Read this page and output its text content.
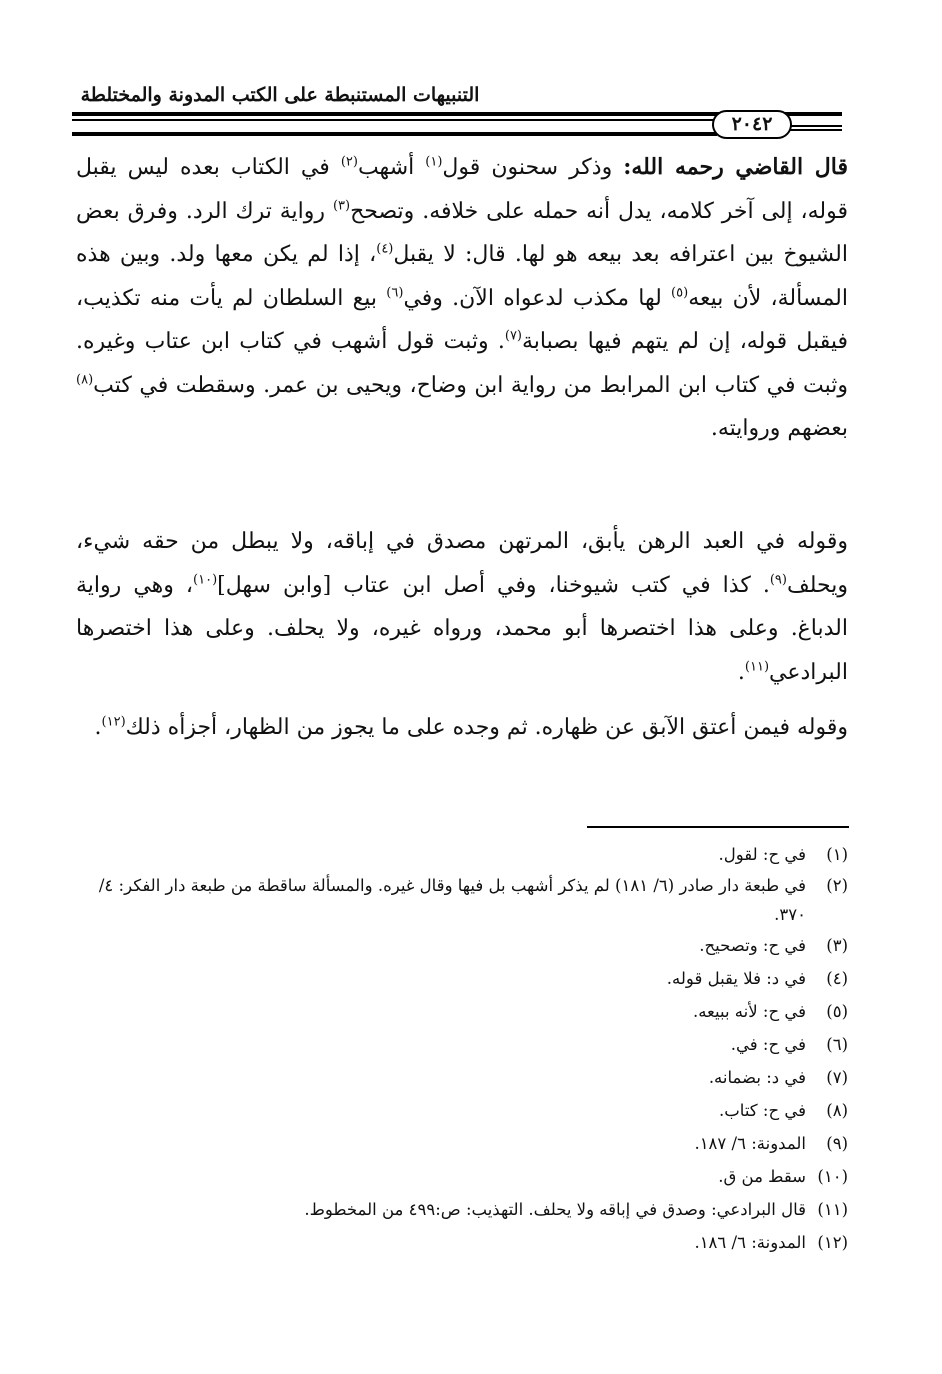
التنبيهات المستنبطة على الكتب المدونة والمختلطة
٢٠٤٢
قال القاضي رحمه الله: وذكر سحنون قول$^{(١)}$ أشهب$^{(٢)}$ في الكتاب بعده ليس يقبل قوله، إلى آخر كلامه، يدل أنه حمله على خلافه. وتصحح$^{(٣)}$ رواية ترك الرد. وفرق بعض الشيوخ بين اعترافه بعد بيعه هو لها. قال: لا يقبل$^{(٤)}$، إذا لم يكن معها ولد. وبين هذه المسألة، لأن بيعه$^{(٥)}$ لها مكذب لدعواه الآن. وفي$^{(٦)}$ بيع السلطان لم يأت منه تكذيب، فيقبل قوله، إن لم يتهم فيها بصبابة$^{(٧)}$. وثبت قول أشهب في كتاب ابن عتاب وغيره. وثبت في كتاب ابن المرابط من رواية ابن وضاح، ويحيى بن عمر. وسقطت في كتب$^{(٨)}$ بعضهم وروايته.
وقوله في العبد الرهن يأبق، المرتهن مصدق في إباقه، ولا يبطل من حقه شيء، ويحلف$^{(٩)}$. كذا في كتب شيوخنا، وفي أصل ابن عتاب [وابن سهل]$^{(١٠)}$، وهي رواية الدباغ. وعلى هذا اختصرها أبو محمد، ورواه غيره، ولا يحلف. وعلى هذا اختصرها البرادعي$^{(١١)}$.
وقوله فيمن أعتق الآبق عن ظهاره. ثم وجده على ما يجوز من الظهار، أجزأه ذلك$^{(١٢)}$.
(١)
في ح: لقول.
(٢)
في طبعة دار صادر (٦/ ١٨١) لم يذكر أشهب بل فيها وقال غيره. والمسألة ساقطة من طبعة دار الفكر: ٤/ ٣٧٠.
(٣)
في ح: وتصحيح.
(٤)
في د: فلا يقبل قوله.
(٥)
في ح: لأنه ببيعه.
(٦)
في ح: في.
(٧)
في د: بضمانه.
(٨)
في ح: كتاب.
(٩)
المدونة: ٦/ ١٨٧.
(١٠)
سقط من ق.
(١١)
قال البرادعي: وصدق في إباقه ولا يحلف. التهذيب: ص:٤٩٩ من المخطوط.
(١٢)
المدونة: ٦/ ١٨٦.
